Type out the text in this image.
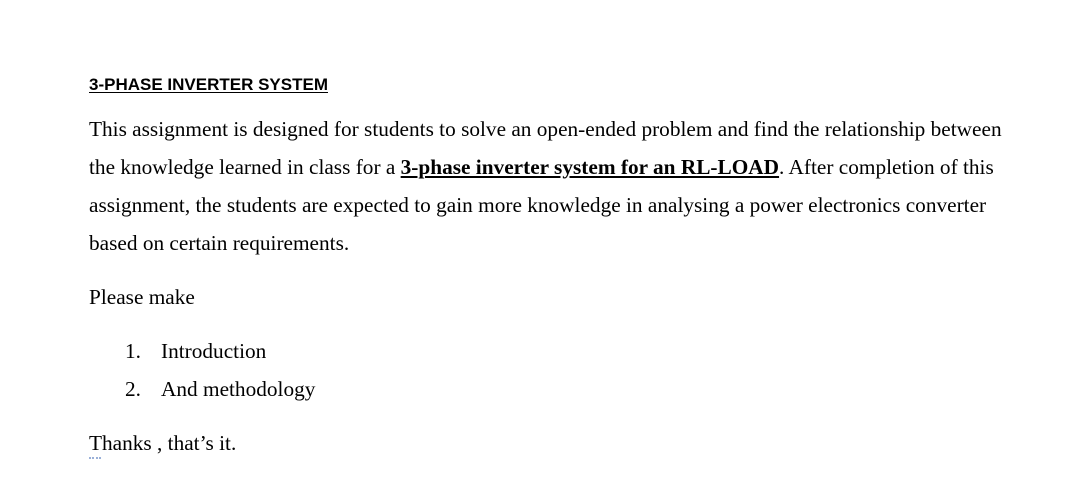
3-PHASE INVERTER SYSTEM

This assignment is designed for students to solve an open-ended problem and find the relationship between the knowledge learned in class for a 3-phase inverter system for an RL-LOAD. After completion of this assignment, the students are expected to gain more knowledge in analysing a power electronics converter based on certain requirements.

Please make

1. Introduction
2. And methodology

Thanks , that’s it.
